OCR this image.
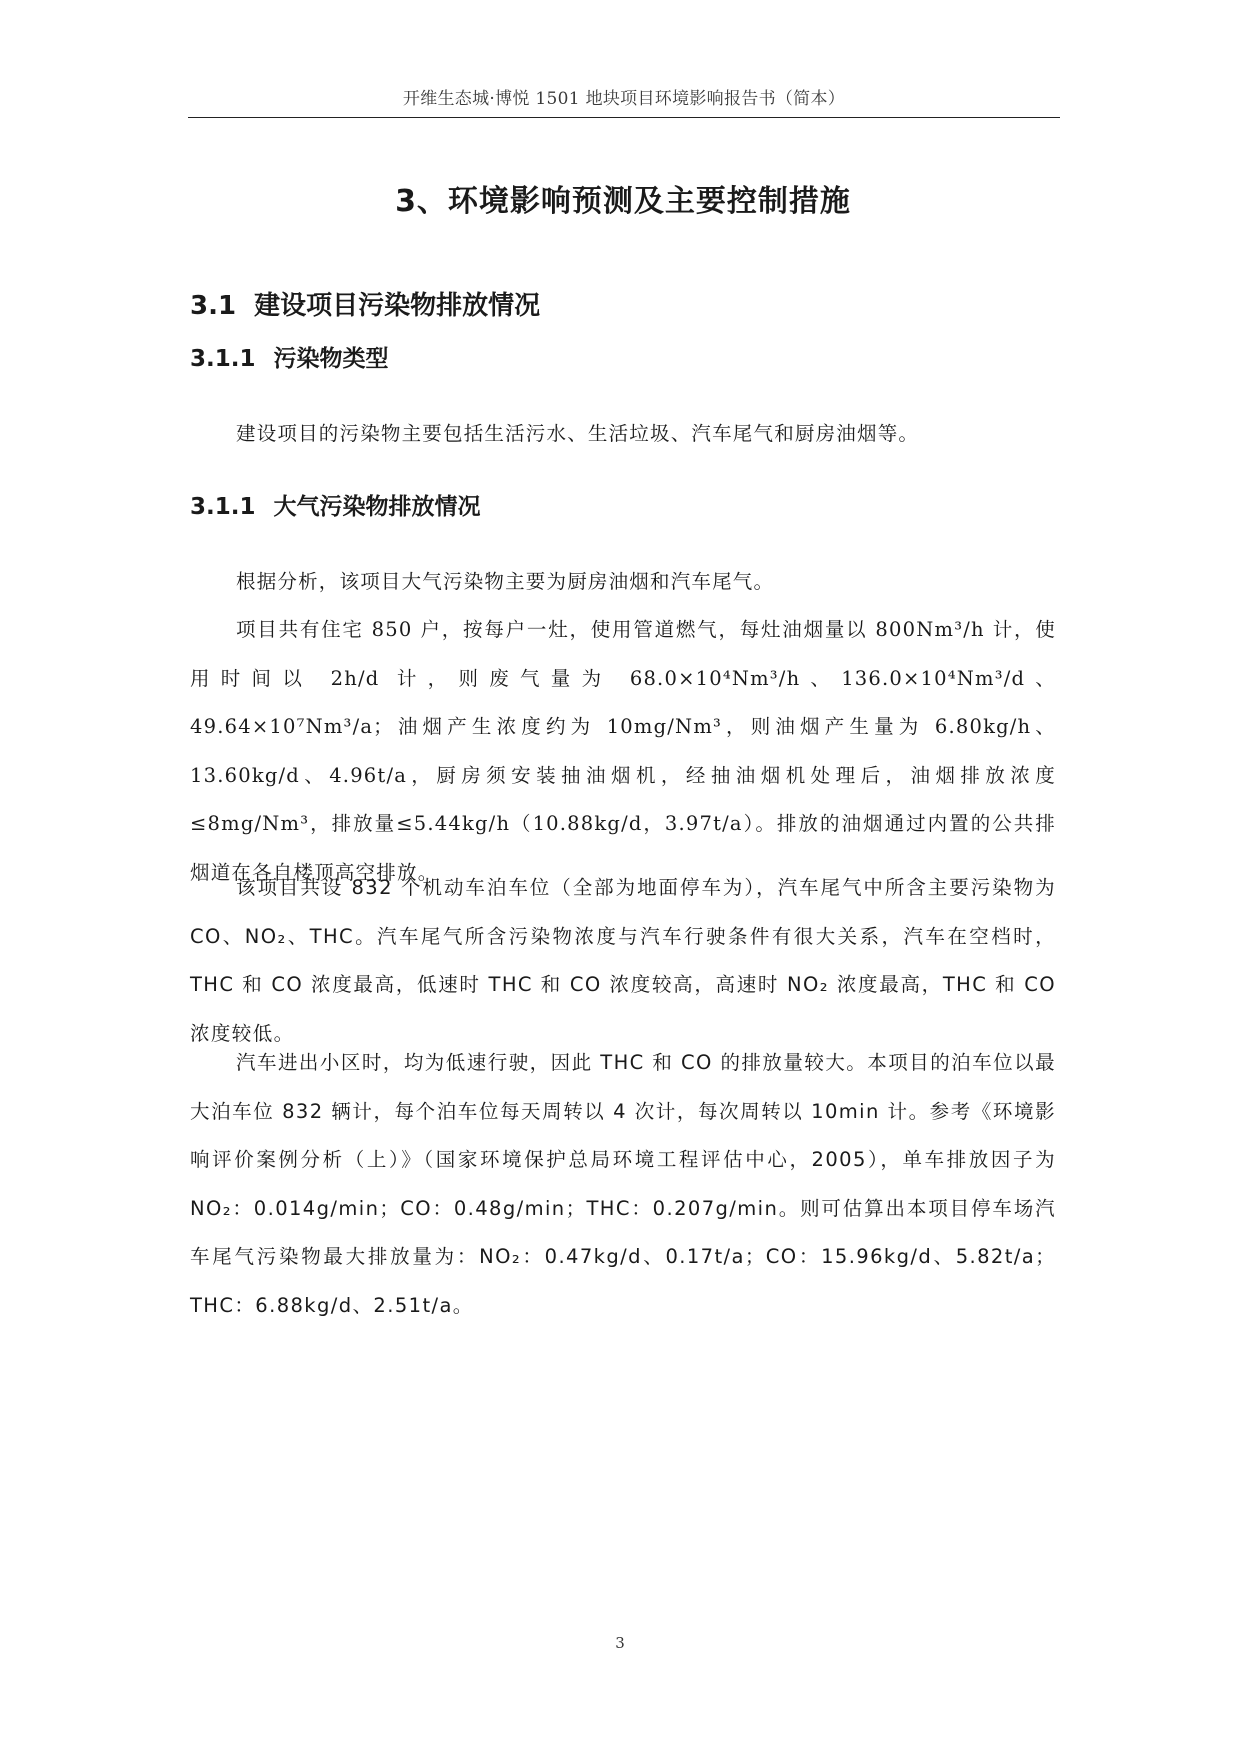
开维生态城·博悦 1501 地块项目环境影响报告书（简本）
3、环境影响预测及主要控制措施
3.1 建设项目污染物排放情况
3.1.1 污染物类型

建设项目的污染物主要包括生活污水、生活垃圾、汽车尾气和厨房油烟等。

3.1.1 大气污染物排放情况

根据分析，该项目大气污染物主要为厨房油烟和汽车尾气。

项目共有住宅 850 户，按每户一灶，使用管道燃气，每灶油烟量以 800Nm³/h 计，使用时间以 2h/d 计，则废气量为 68.0×10⁴Nm³/h、136.0×10⁴Nm³/d、49.64×10⁷Nm³/a；油烟产生浓度约为 10mg/Nm³，则油烟产生量为 6.80kg/h、13.60kg/d、4.96t/a，厨房须安装抽油烟机，经抽油烟机处理后，油烟排放浓度≤8mg/Nm³，排放量≤5.44kg/h（10.88kg/d，3.97t/a）。排放的油烟通过内置的公共排烟道在各自楼顶高空排放。

该项目共设 832 个机动车泊车位（全部为地面停车为），汽车尾气中所含主要污染物为 CO、NO₂、THC。汽车尾气所含污染物浓度与汽车行驶条件有很大关系，汽车在空档时，THC 和 CO 浓度最高，低速时 THC 和 CO 浓度较高，高速时 NO₂ 浓度最高，THC 和 CO 浓度较低。

汽车进出小区时，均为低速行驶，因此 THC 和 CO 的排放量较大。本项目的泊车位以最大泊车位 832 辆计，每个泊车位每天周转以 4 次计，每次周转以 10min 计。参考《环境影响评价案例分析（上）》（国家环境保护总局环境工程评估中心，2005），单车排放因子为 NO₂：0.014g/min；CO：0.48g/min；THC：0.207g/min。则可估算出本项目停车场汽车尾气污染物最大排放量为：NO₂：0.47kg/d、0.17t/a；CO：15.96kg/d、5.82t/a；THC：6.88kg/d、2.51t/a。

3
